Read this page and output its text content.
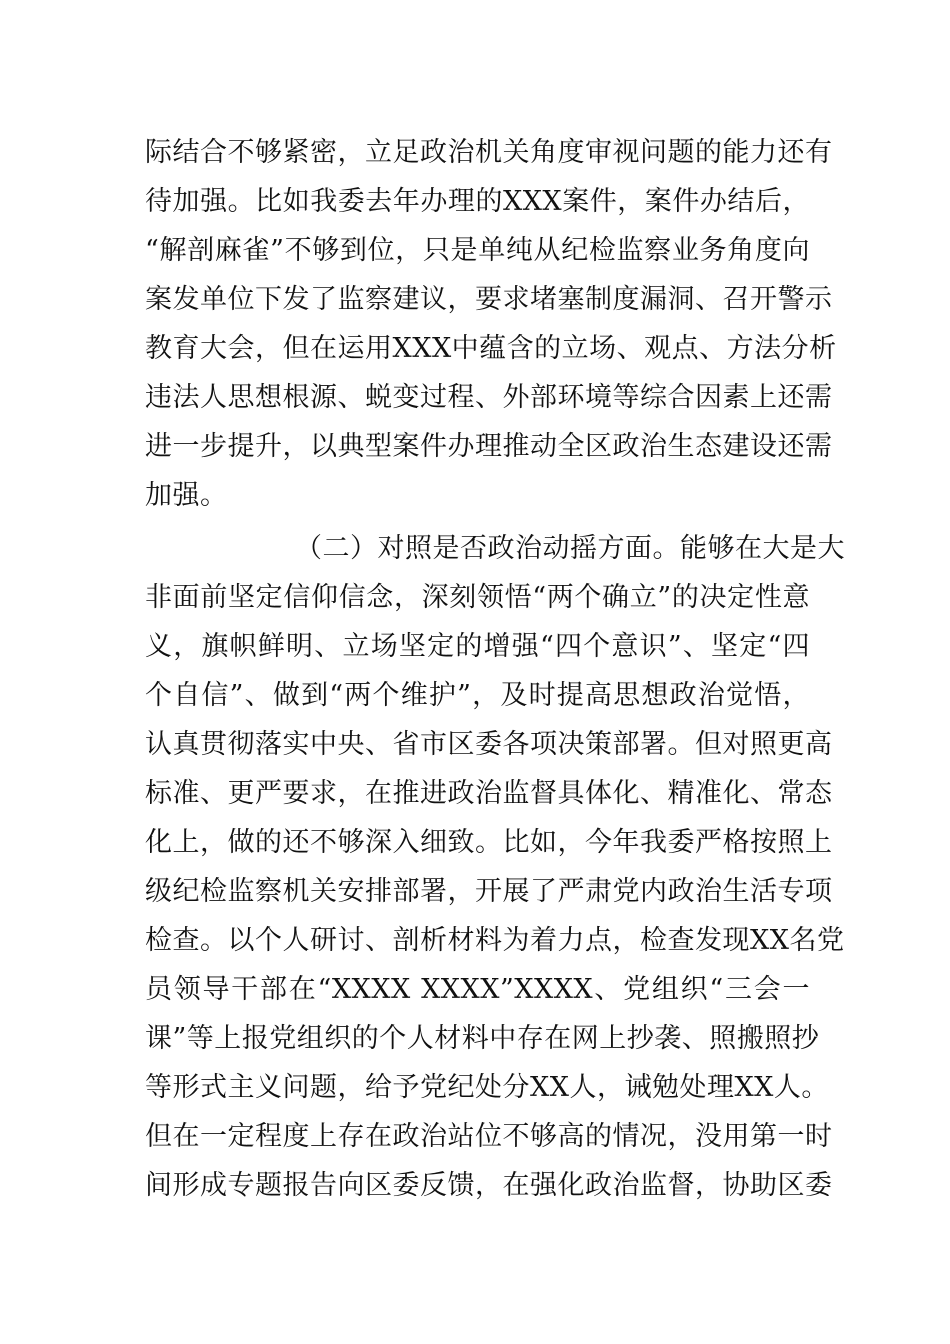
际结合不够紧密，立足政治机关角度审视问题的能力还有
待加强。比如我委去年办理的XXX案件，案件办结后，
“解剖麻雀”不够到位，只是单纯从纪检监察业务角度向
案发单位下发了监察建议，要求堵塞制度漏洞、召开警示
教育大会，但在运用XXX中蕴含的立场、观点、方法分析
违法人思想根源、蜕变过程、外部环境等综合因素上还需
进一步提升，以典型案件办理推动全区政治生态建设还需
加强。
（二）对照是否政治动摇方面。能够在大是大
非面前坚定信仰信念，深刻领悟“两个确立”的决定性意
义，旗帜鲜明、立场坚定的增强“四个意识”、坚定“四
个自信”、做到“两个维护”，及时提高思想政治觉悟，
认真贯彻落实中央、省市区委各项决策部署。但对照更高
标准、更严要求，在推进政治监督具体化、精准化、常态
化上，做的还不够深入细致。比如，今年我委严格按照上
级纪检监察机关安排部署，开展了严肃党内政治生活专项
检查。以个人研讨、剖析材料为着力点，检查发现XX名党
员领导干部在“XXXX XXXX”XXXX、党组织“三会一
课”等上报党组织的个人材料中存在网上抄袭、照搬照抄
等形式主义问题，给予党纪处分XX人，诫勉处理XX人。
但在一定程度上存在政治站位不够高的情况，没用第一时
间形成专题报告向区委反馈，在强化政治监督，协助区委
